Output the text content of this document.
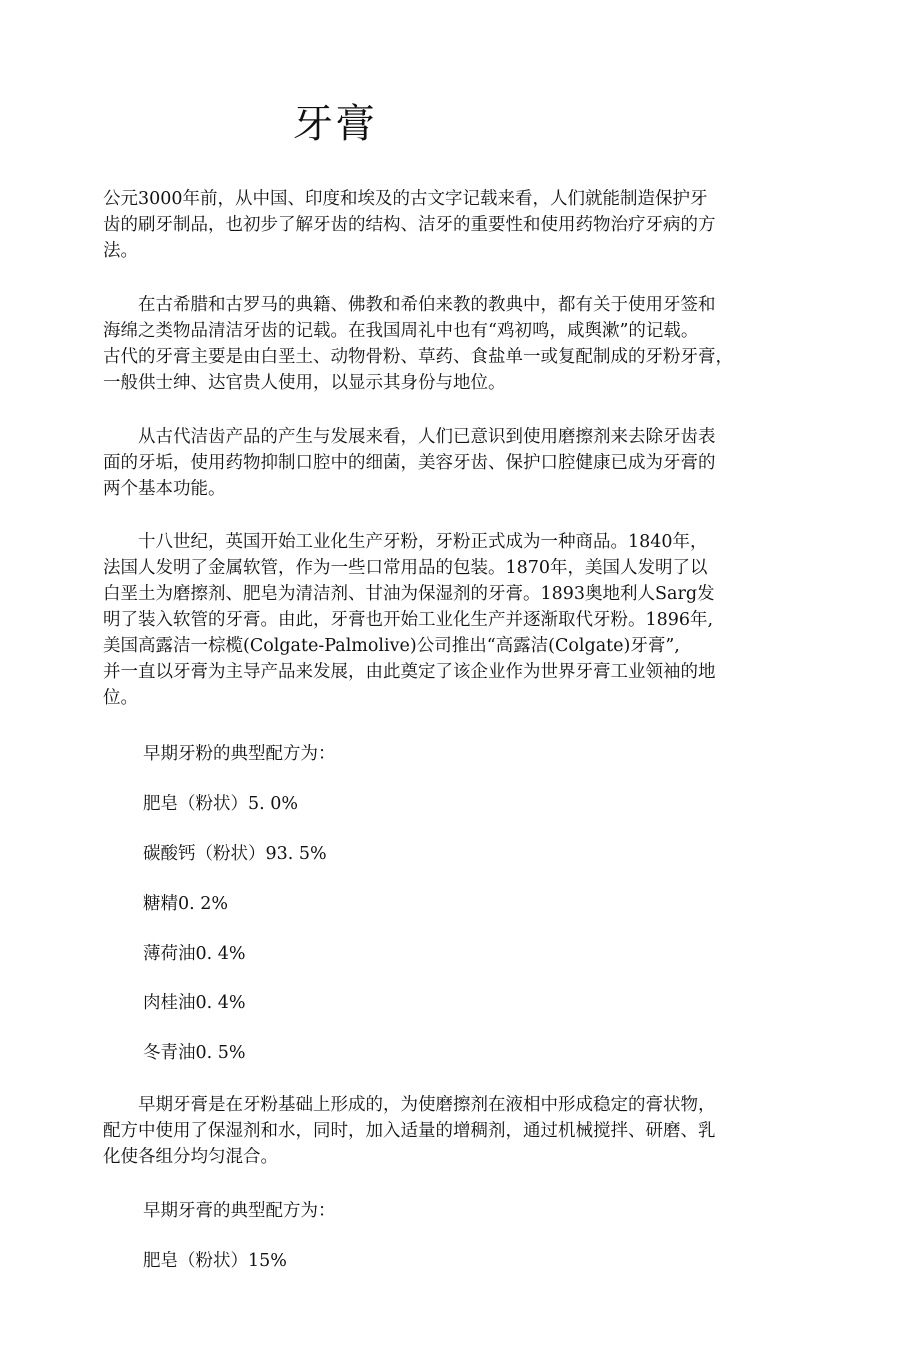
牙膏

公元3000年前，从中国、印度和埃及的古文字记载来看，人们就能制造保护牙
齿的刷牙制品，也初步了解牙齿的结构、洁牙的重要性和使用药物治疗牙病的方
法。

　　在古希腊和古罗马的典籍、佛教和希伯来教的教典中，都有关于使用牙签和
海绵之类物品清洁牙齿的记载。在我国周礼中也有“鸡初鸣，咸舆漱”的记载。
古代的牙膏主要是由白垩土、动物骨粉、草药、食盐单一或复配制成的牙粉牙膏，
一般供士绅、达官贵人使用，以显示其身份与地位。

　　从古代洁齿产品的产生与发展来看，人们已意识到使用磨擦剂来去除牙齿表
面的牙垢，使用药物抑制口腔中的细菌，美容牙齿、保护口腔健康已成为牙膏的
两个基本功能。

　　十八世纪，英国开始工业化生产牙粉，牙粉正式成为一种商品。1840年，
法国人发明了金属软管，作为一些口常用品的包装。1870年，美国人发明了以
白垩土为磨擦剂、肥皂为清洁剂、甘油为保湿剂的牙膏。1893奥地利人Sarg发
明了装入软管的牙膏。由此，牙膏也开始工业化生产并逐渐取代牙粉。1896年,
美国高露洁一棕榄(Colgate-Palmolive)公司推出“高露洁(Colgate)牙膏”,
并一直以牙膏为主导产品来发展，由此奠定了该企业作为世界牙膏工业领袖的地
位。

早期牙粉的典型配方为：

肥皂（粉状）5. 0%

碳酸钙（粉状）93. 5%

糖精0. 2%

薄荷油0. 4%

肉桂油0. 4%

冬青油0. 5%

　　早期牙膏是在牙粉基础上形成的，为使磨擦剂在液相中形成稳定的膏状物，
配方中使用了保湿剂和水，同时，加入适量的增稠剂，通过机械搅拌、研磨、乳
化使各组分均匀混合。

早期牙膏的典型配方为：

肥皂（粉状）15%
